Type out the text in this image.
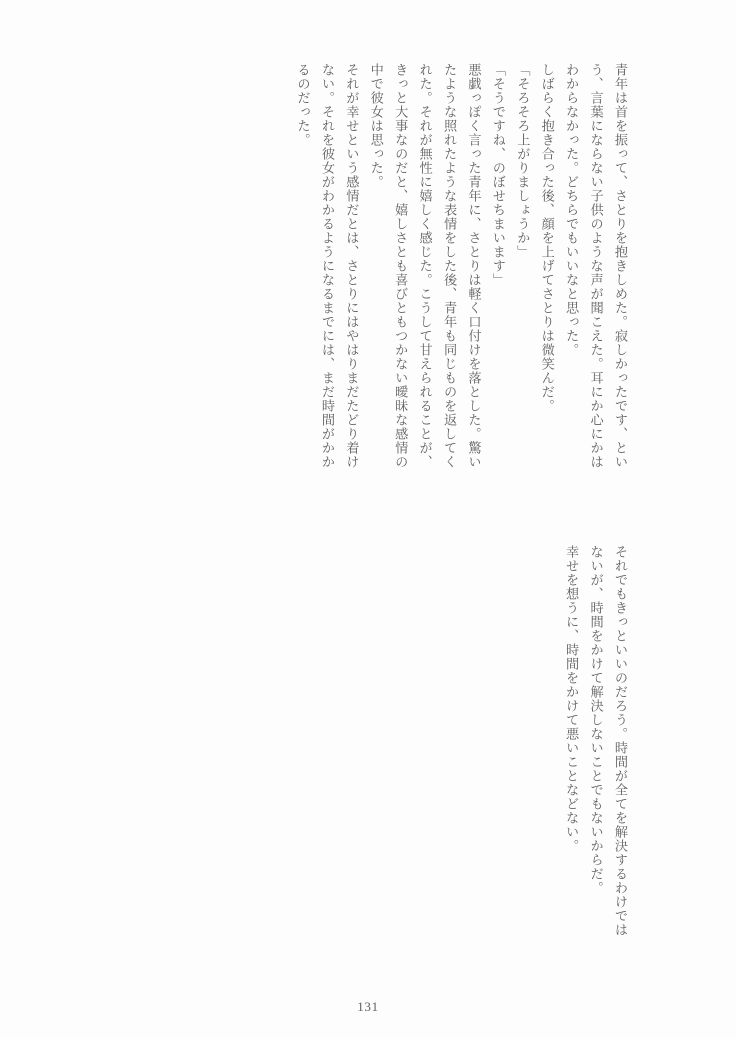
青年は首を振って、さとりを抱きしめた。寂しかったです、という、言葉にならない子供のような声が聞こえた。耳にか心にかはわからなかった。どちらでもいいなと思った。

しばらく抱き合った後、顔を上げてさとりは微笑んだ。

「そろそろ上がりましょうか」

「そうですね、のぼせちまいます」

悪戯っぽく言った青年に、さとりは軽く口付けを落とした。驚いたような照れたような表情をした後、青年も同じものを返してくれた。それが無性に嬉しく感じた。こうして甘えられることが、きっと大事なのだと、嬉しさとも喜びともつかない曖昧な感情の中で彼女は思った。

それが幸せという感情だとは、さとりにはやはりまだたどり着けない。それを彼女がわかるようになるまでには、まだ時間がかかるのだった。

それでもきっといいのだろう。時間が全てを解決するわけではないが、時間をかけて解決しないことでもないからだ。

幸せを想うに、時間をかけて悪いことなどない。

131
